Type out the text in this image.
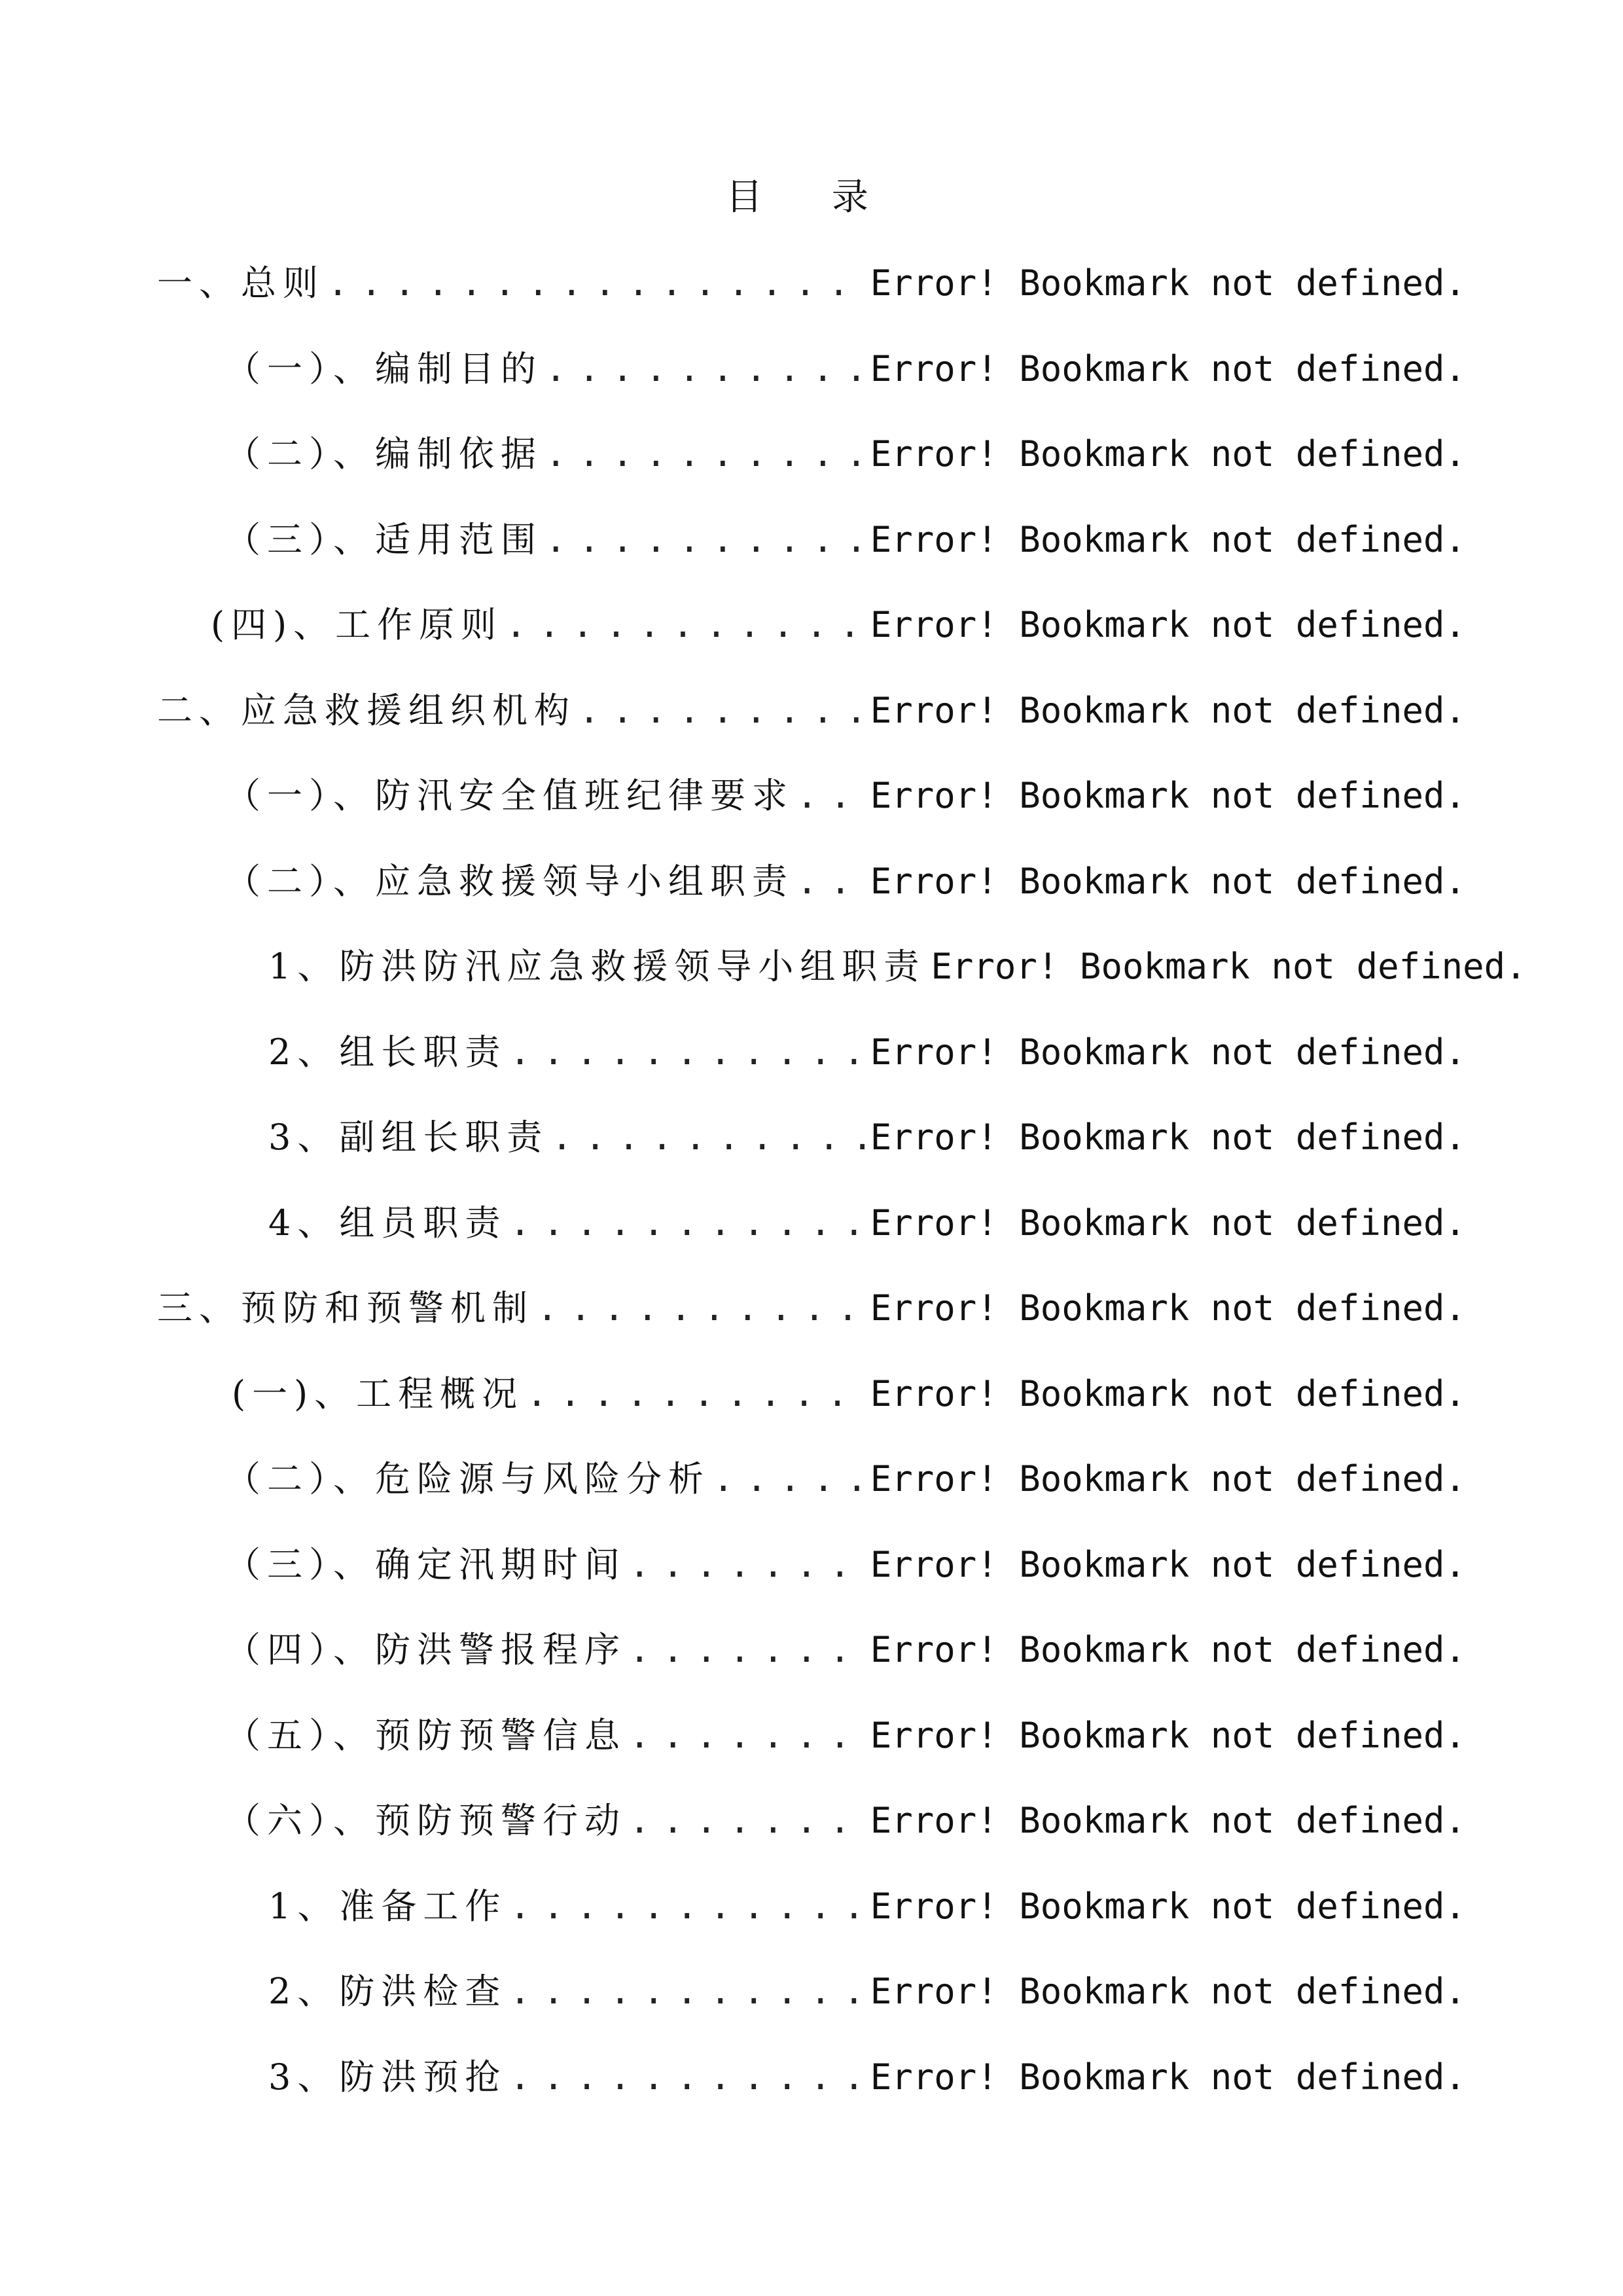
目 录
一、总则 . . .	Error! Bookmark not defined.
（一）、编制目的 . . .	Error! Bookmark not defined.
（二）、编制依据 . . .	Error! Bookmark not defined.
（三）、适用范围 . . .	Error! Bookmark not defined.
(四)、工作原则 . . .	Error! Bookmark not defined.
二、应急救援组织机构 . . .	Error! Bookmark not defined.
（一）、防汛安全值班纪律要求 . . . Error! Bookmark not defined.
（二）、应急救援领导小组职责 . . . Error! Bookmark not defined.
1、防洪防汛应急救援领导小组职责 Error! Bookmark not defined.
2、组长职责 . . .	Error! Bookmark not defined.
3、副组长职责 . . .	Error! Bookmark not defined.
4、组员职责 . . .	Error! Bookmark not defined.
三、预防和预警机制 . . .	Error! Bookmark not defined.
(一)、工程概况 . . .	Error! Bookmark not defined.
（二）、危险源与风险分析 . . .	Error! Bookmark not defined.
（三）、确定汛期时间 . . .	Error! Bookmark not defined.
（四）、防洪警报程序 . . .	Error! Bookmark not defined.
（五）、预防预警信息 . . .	Error! Bookmark not defined.
（六）、预防预警行动 . . .	Error! Bookmark not defined.
1、准备工作 . . .	Error! Bookmark not defined.
2、防洪检查 . . .	Error! Bookmark not defined.
3、防洪预抢 . . .	Error! Bookmark not defined.
